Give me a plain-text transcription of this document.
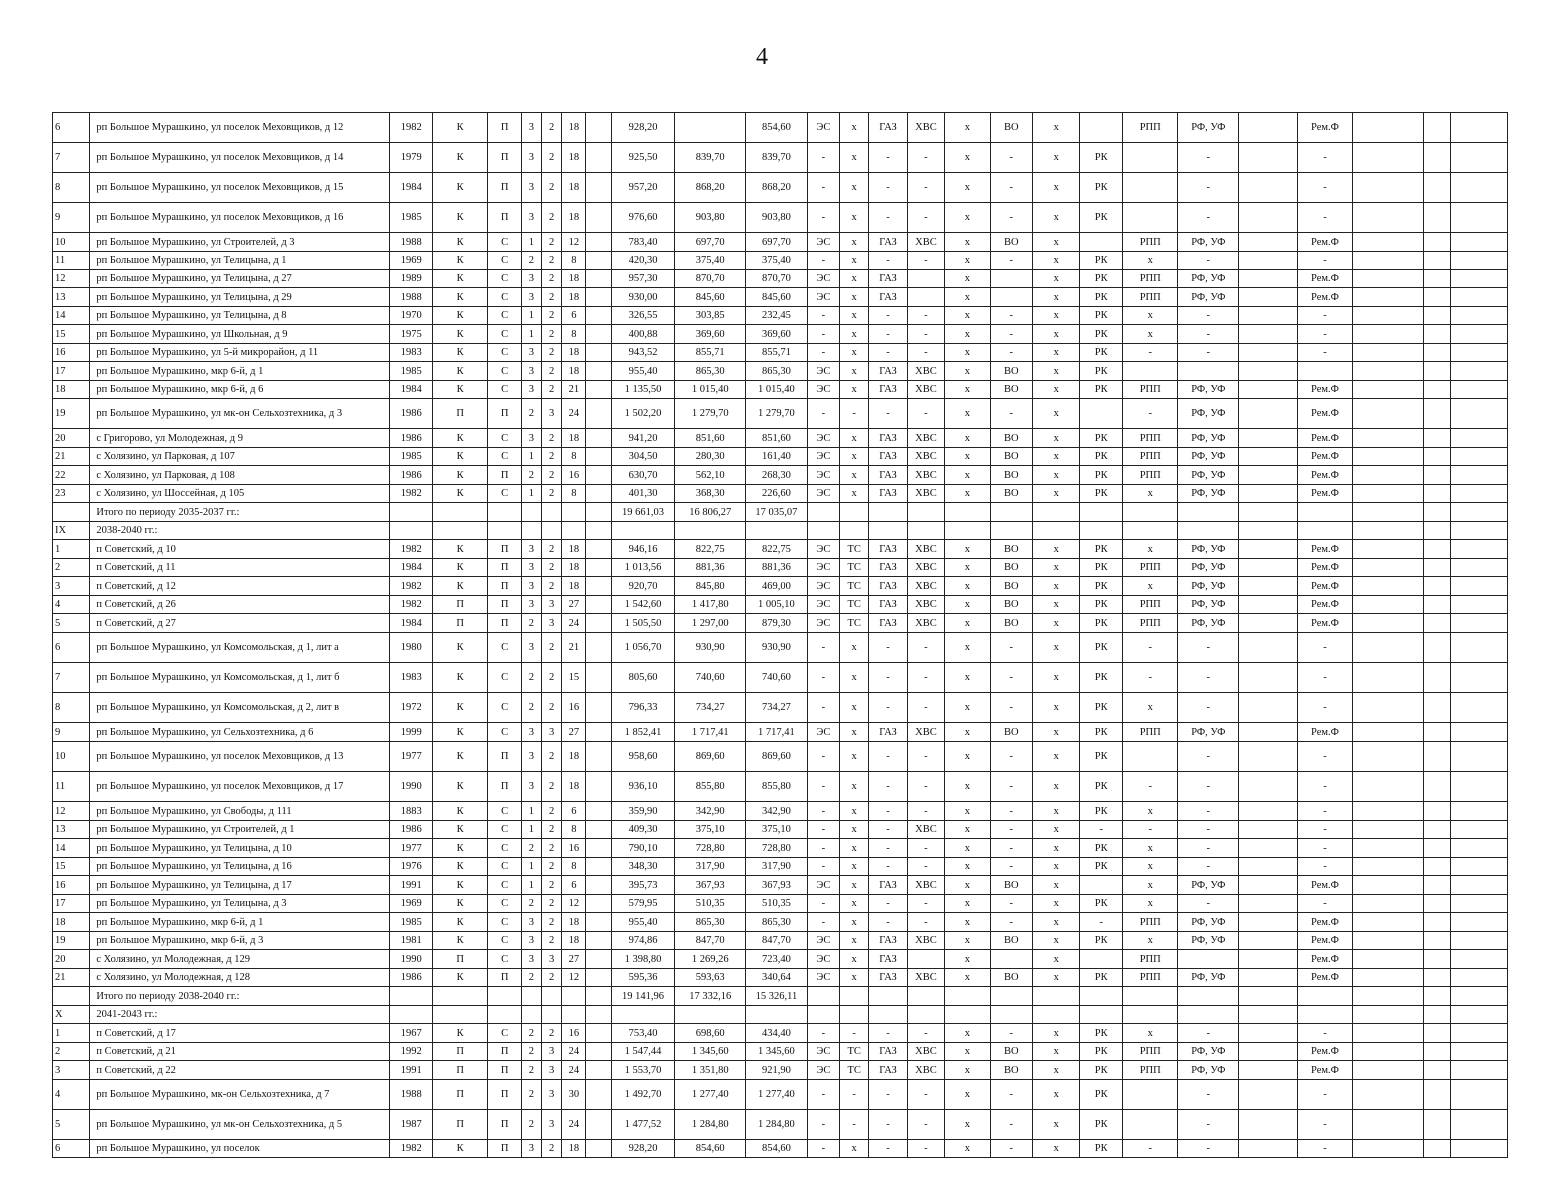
4
6	рп Большое Мурашкино, ул поселок Меховщиков, д 12	1982	К	П	3	2	18		928,20		854,60	ЭС	х	ГАЗ	ХВС	х	ВО	х		РПП	РФ, УФ		Рем.Ф			
7	рп Большое Мурашкино, ул поселок Меховщиков, д 14	1979	К	П	3	2	18		925,50	839,70	839,70	-	х	-	-	х	-	х	РК		-		-			
8	рп Большое Мурашкино, ул поселок Меховщиков, д 15	1984	К	П	3	2	18		957,20	868,20	868,20	-	х	-	-	х	-	х	РК		-		-			
9	рп Большое Мурашкино, ул поселок Меховщиков, д 16	1985	К	П	3	2	18		976,60	903,80	903,80	-	х	-	-	х	-	х	РК		-		-			
10	рп Большое Мурашкино, ул Строителей, д 3	1988	К	С	1	2	12		783,40	697,70	697,70	ЭС	х	ГАЗ	ХВС	х	ВО	х		РПП	РФ, УФ		Рем.Ф			
11	рп Большое Мурашкино, ул Телицына, д 1	1969	К	С	2	2	8		420,30	375,40	375,40	-	х	-	-	х	-	х	РК	х	-		-			
12	рп Большое Мурашкино, ул Телицына, д 27	1989	К	С	3	2	18		957,30	870,70	870,70	ЭС	х	ГАЗ		х		х	РК	РПП	РФ, УФ		Рем.Ф			
13	рп Большое Мурашкино, ул Телицына, д 29	1988	К	С	3	2	18		930,00	845,60	845,60	ЭС	х	ГАЗ		х		х	РК	РПП	РФ, УФ		Рем.Ф			
14	рп Большое Мурашкино, ул Телицына, д 8	1970	К	С	1	2	6		326,55	303,85	232,45	-	х	-	-	х	-	х	РК	х	-		-			
15	рп Большое Мурашкино, ул Школьная, д 9	1975	К	С	1	2	8		400,88	369,60	369,60	-	х	-	-	х	-	х	РК	х	-		-			
16	рп Большое Мурашкино, ул 5-й микрорайон, д 11	1983	К	С	3	2	18		943,52	855,71	855,71	-	х	-	-	х	-	х	РК	-	-		-			
17	рп Большое Мурашкино, мкр 6-й, д 1	1985	К	С	3	2	18		955,40	865,30	865,30	ЭС	х	ГАЗ	ХВС	х	ВО	х	РК							
18	рп Большое Мурашкино, мкр 6-й, д 6	1984	К	С	3	2	21		1 135,50	1 015,40	1 015,40	ЭС	х	ГАЗ	ХВС	х	ВО	х	РК	РПП	РФ, УФ		Рем.Ф			
19	рп Большое Мурашкино, ул мк-он Сельхозтехника, д 3	1986	П	П	2	3	24		1 502,20	1 279,70	1 279,70	-	-	-	-	х	-	х		-	РФ, УФ		Рем.Ф			
20	с Григорово, ул Молодежная, д 9	1986	К	С	3	2	18		941,20	851,60	851,60	ЭС	х	ГАЗ	ХВС	х	ВО	х	РК	РПП	РФ, УФ		Рем.Ф			
21	с Холязино, ул Парковая, д 107	1985	К	С	1	2	8		304,50	280,30	161,40	ЭС	х	ГАЗ	ХВС	х	ВО	х	РК	РПП	РФ, УФ		Рем.Ф			
22	с Холязино, ул Парковая, д 108	1986	К	П	2	2	16		630,70	562,10	268,30	ЭС	х	ГАЗ	ХВС	х	ВО	х	РК	РПП	РФ, УФ		Рем.Ф			
23	с Холязино, ул Шоссейная, д 105	1982	К	С	1	2	8		401,30	368,30	226,60	ЭС	х	ГАЗ	ХВС	х	ВО	х	РК	х	РФ, УФ		Рем.Ф			
	Итого по периоду 2035-2037 гг.:								19 661,03	16 806,27	17 035,07															
IX	2038-2040 гг.:																									
1	п Советский, д 10	1982	К	П	3	2	18		946,16	822,75	822,75	ЭС	ТС	ГАЗ	ХВС	х	ВО	х	РК	х	РФ, УФ		Рем.Ф			
2	п Советский, д 11	1984	К	П	3	2	18		1 013,56	881,36	881,36	ЭС	ТС	ГАЗ	ХВС	х	ВО	х	РК	РПП	РФ, УФ		Рем.Ф			
3	п Советский, д 12	1982	К	П	3	2	18		920,70	845,80	469,00	ЭС	ТС	ГАЗ	ХВС	х	ВО	х	РК	х	РФ, УФ		Рем.Ф			
4	п Советский, д 26	1982	П	П	3	3	27		1 542,60	1 417,80	1 005,10	ЭС	ТС	ГАЗ	ХВС	х	ВО	х	РК	РПП	РФ, УФ		Рем.Ф			
5	п Советский, д 27	1984	П	П	2	3	24		1 505,50	1 297,00	879,30	ЭС	ТС	ГАЗ	ХВС	х	ВО	х	РК	РПП	РФ, УФ		Рем.Ф			
6	рп Большое Мурашкино, ул Комсомольская, д 1, лит а	1980	К	С	3	2	21		1 056,70	930,90	930,90	-	х	-	-	х	-	х	РК	-	-		-			
7	рп Большое Мурашкино, ул Комсомольская, д 1, лит б	1983	К	С	2	2	15		805,60	740,60	740,60	-	х	-	-	х	-	х	РК	-	-		-			
8	рп Большое Мурашкино, ул Комсомольская, д 2, лит в	1972	К	С	2	2	16		796,33	734,27	734,27	-	х	-	-	х	-	х	РК	х	-		-			
9	рп Большое Мурашкино, ул Сельхозтехника, д 6	1999	К	С	3	3	27		1 852,41	1 717,41	1 717,41	ЭС	х	ГАЗ	ХВС	х	ВО	х	РК	РПП	РФ, УФ		Рем.Ф			
10	рп Большое Мурашкино, ул поселок Меховщиков, д 13	1977	К	П	3	2	18		958,60	869,60	869,60	-	х	-	-	х	-	х	РК		-		-			
11	рп Большое Мурашкино, ул поселок Меховщиков, д 17	1990	К	П	3	2	18		936,10	855,80	855,80	-	х	-	-	х	-	х	РК	-	-		-			
12	рп Большое Мурашкино, ул Свободы, д 111	1883	К	С	1	2	6		359,90	342,90	342,90	-	х	-	-	х	-	х	РК	х	-		-			
13	рп Большое Мурашкино, ул Строителей, д 1	1986	К	С	1	2	8		409,30	375,10	375,10	-	х	-	ХВС	х	-	х	-	-	-		-			
14	рп Большое Мурашкино, ул Телицына, д 10	1977	К	С	2	2	16		790,10	728,80	728,80	-	х	-	-	х	-	х	РК	х	-		-			
15	рп Большое Мурашкино, ул Телицына, д 16	1976	К	С	1	2	8		348,30	317,90	317,90	-	х	-	-	х	-	х	РК	х	-		-			
16	рп Большое Мурашкино, ул Телицына, д 17	1991	К	С	1	2	6		395,73	367,93	367,93	ЭС	х	ГАЗ	ХВС	х	ВО	х		х	РФ, УФ		Рем.Ф			
17	рп Большое Мурашкино, ул Телицына, д 3	1969	К	С	2	2	12		579,95	510,35	510,35	-	х	-	-	х	-	х	РК	х	-		-			
18	рп Большое Мурашкино, мкр 6-й, д 1	1985	К	С	3	2	18		955,40	865,30	865,30	-	х	-	-	х	-	х	-	РПП	РФ, УФ		Рем.Ф			
19	рп Большое Мурашкино, мкр 6-й, д 3	1981	К	С	3	2	18		974,86	847,70	847,70	ЭС	х	ГАЗ	ХВС	х	ВО	х	РК	х	РФ, УФ		Рем.Ф			
20	с Холязино, ул Молодежная, д 129	1990	П	С	3	3	27		1 398,80	1 269,26	723,40	ЭС	х	ГАЗ		х		х		РПП			Рем.Ф			
21	с Холязино, ул Молодежная, д 128	1986	К	П	2	2	12		595,36	593,63	340,64	ЭС	х	ГАЗ	ХВС	х	ВО	х	РК	РПП	РФ, УФ		Рем.Ф			
	Итого по периоду 2038-2040 гг.:								19 141,96	17 332,16	15 326,11															
X	2041-2043 гг.:																									
1	п Советский, д 17	1967	К	С	2	2	16		753,40	698,60	434,40	-	-	-	-	х	-	х	РК	х	-		-			
2	п Советский, д 21	1992	П	П	2	3	24		1 547,44	1 345,60	1 345,60	ЭС	ТС	ГАЗ	ХВС	х	ВО	х	РК	РПП	РФ, УФ		Рем.Ф			
3	п Советский, д 22	1991	П	П	2	3	24		1 553,70	1 351,80	921,90	ЭС	ТС	ГАЗ	ХВС	х	ВО	х	РК	РПП	РФ, УФ		Рем.Ф			
4	рп Большое Мурашкино, мк-он Сельхозтехника, д 7	1988	П	П	2	3	30		1 492,70	1 277,40	1 277,40	-	-	-	-	х	-	х	РК		-		-			
5	рп Большое Мурашкино, ул мк-он Сельхозтехника, д 5	1987	П	П	2	3	24		1 477,52	1 284,80	1 284,80	-	-	-	-	х	-	х	РК		-		-			
6	рп Большое Мурашкино, ул поселок	1982	К	П	3	2	18		928,20	854,60	854,60	-	х	-	-	х	-	х	РК	-	-		-			
